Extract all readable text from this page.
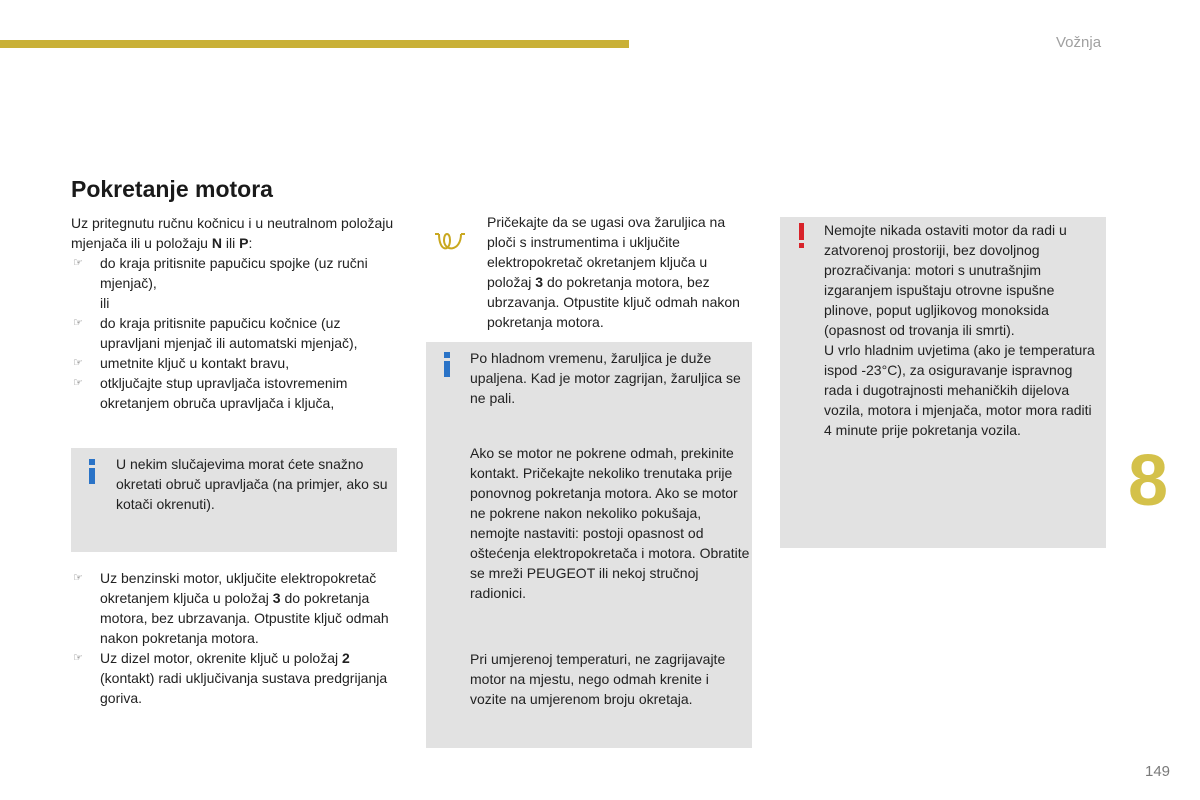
Vožnja
8
149
Pokretanje motora

Uz pritegnutu ručnu kočnicu i u neutralnom položaju mjenjača ili u položaju N ili P:

☞ do kraja pritisnite papučicu spojke (uz ručni mjenjač),
ili
☞ do kraja pritisnite papučicu kočnice (uz upravljani mjenjač ili automatski mjenjač),
☞ umetnite ključ u kontakt bravu,
☞ otključajte stup upravljača istovremenim okretanjem obruča upravljača i ključa,

U nekim slučajevima morat ćete snažno okretati obruč upravljača (na primjer, ako su kotači okrenuti).

☞ Uz benzinski motor, uključite elektropokretač okretanjem ključa u položaj 3 do pokretanja motora, bez ubrzavanja. Otpustite ključ odmah nakon pokretanja motora.
☞ Uz dizel motor, okrenite ključ u položaj 2 (kontakt) radi uključivanja sustava predgrijanja goriva.

Pričekajte da se ugasi ova žaruljica na ploči s instrumentima i uključite elektropokretač okretanjem ključa u položaj 3 do pokretanja motora, bez ubrzavanja. Otpustite ključ odmah nakon pokretanja motora.

Po hladnom vremenu, žaruljica je duže upaljena. Kad je motor zagrijan, žaruljica se ne pali.

Ako se motor ne pokrene odmah, prekinite kontakt. Pričekajte nekoliko trenutaka prije ponovnog pokretanja motora. Ako se motor ne pokrene nakon nekoliko pokušaja, nemojte nastaviti: postoji opasnost od oštećenja elektropokretača i motora. Obratite se mreži PEUGEOT ili nekoj stručnoj radionici.

Pri umjerenoj temperaturi, ne zagrijavajte motor na mjestu, nego odmah krenite i vozite na umjerenom broju okretaja.

Nemojte nikada ostaviti motor da radi u zatvorenoj prostoriji, bez dovoljnog prozračivanja: motori s unutrašnjim izgaranjem ispuštaju otrovne ispušne plinove, poput ugljikovog monoksida (opasnost od trovanja ili smrti).

U vrlo hladnim uvjetima (ako je temperatura ispod -23°C), za osiguravanje ispravnog rada i dugotrajnosti mehaničkih dijelova vozila, motora i mjenjača, motor mora raditi 4 minute prije pokretanja vozila.
